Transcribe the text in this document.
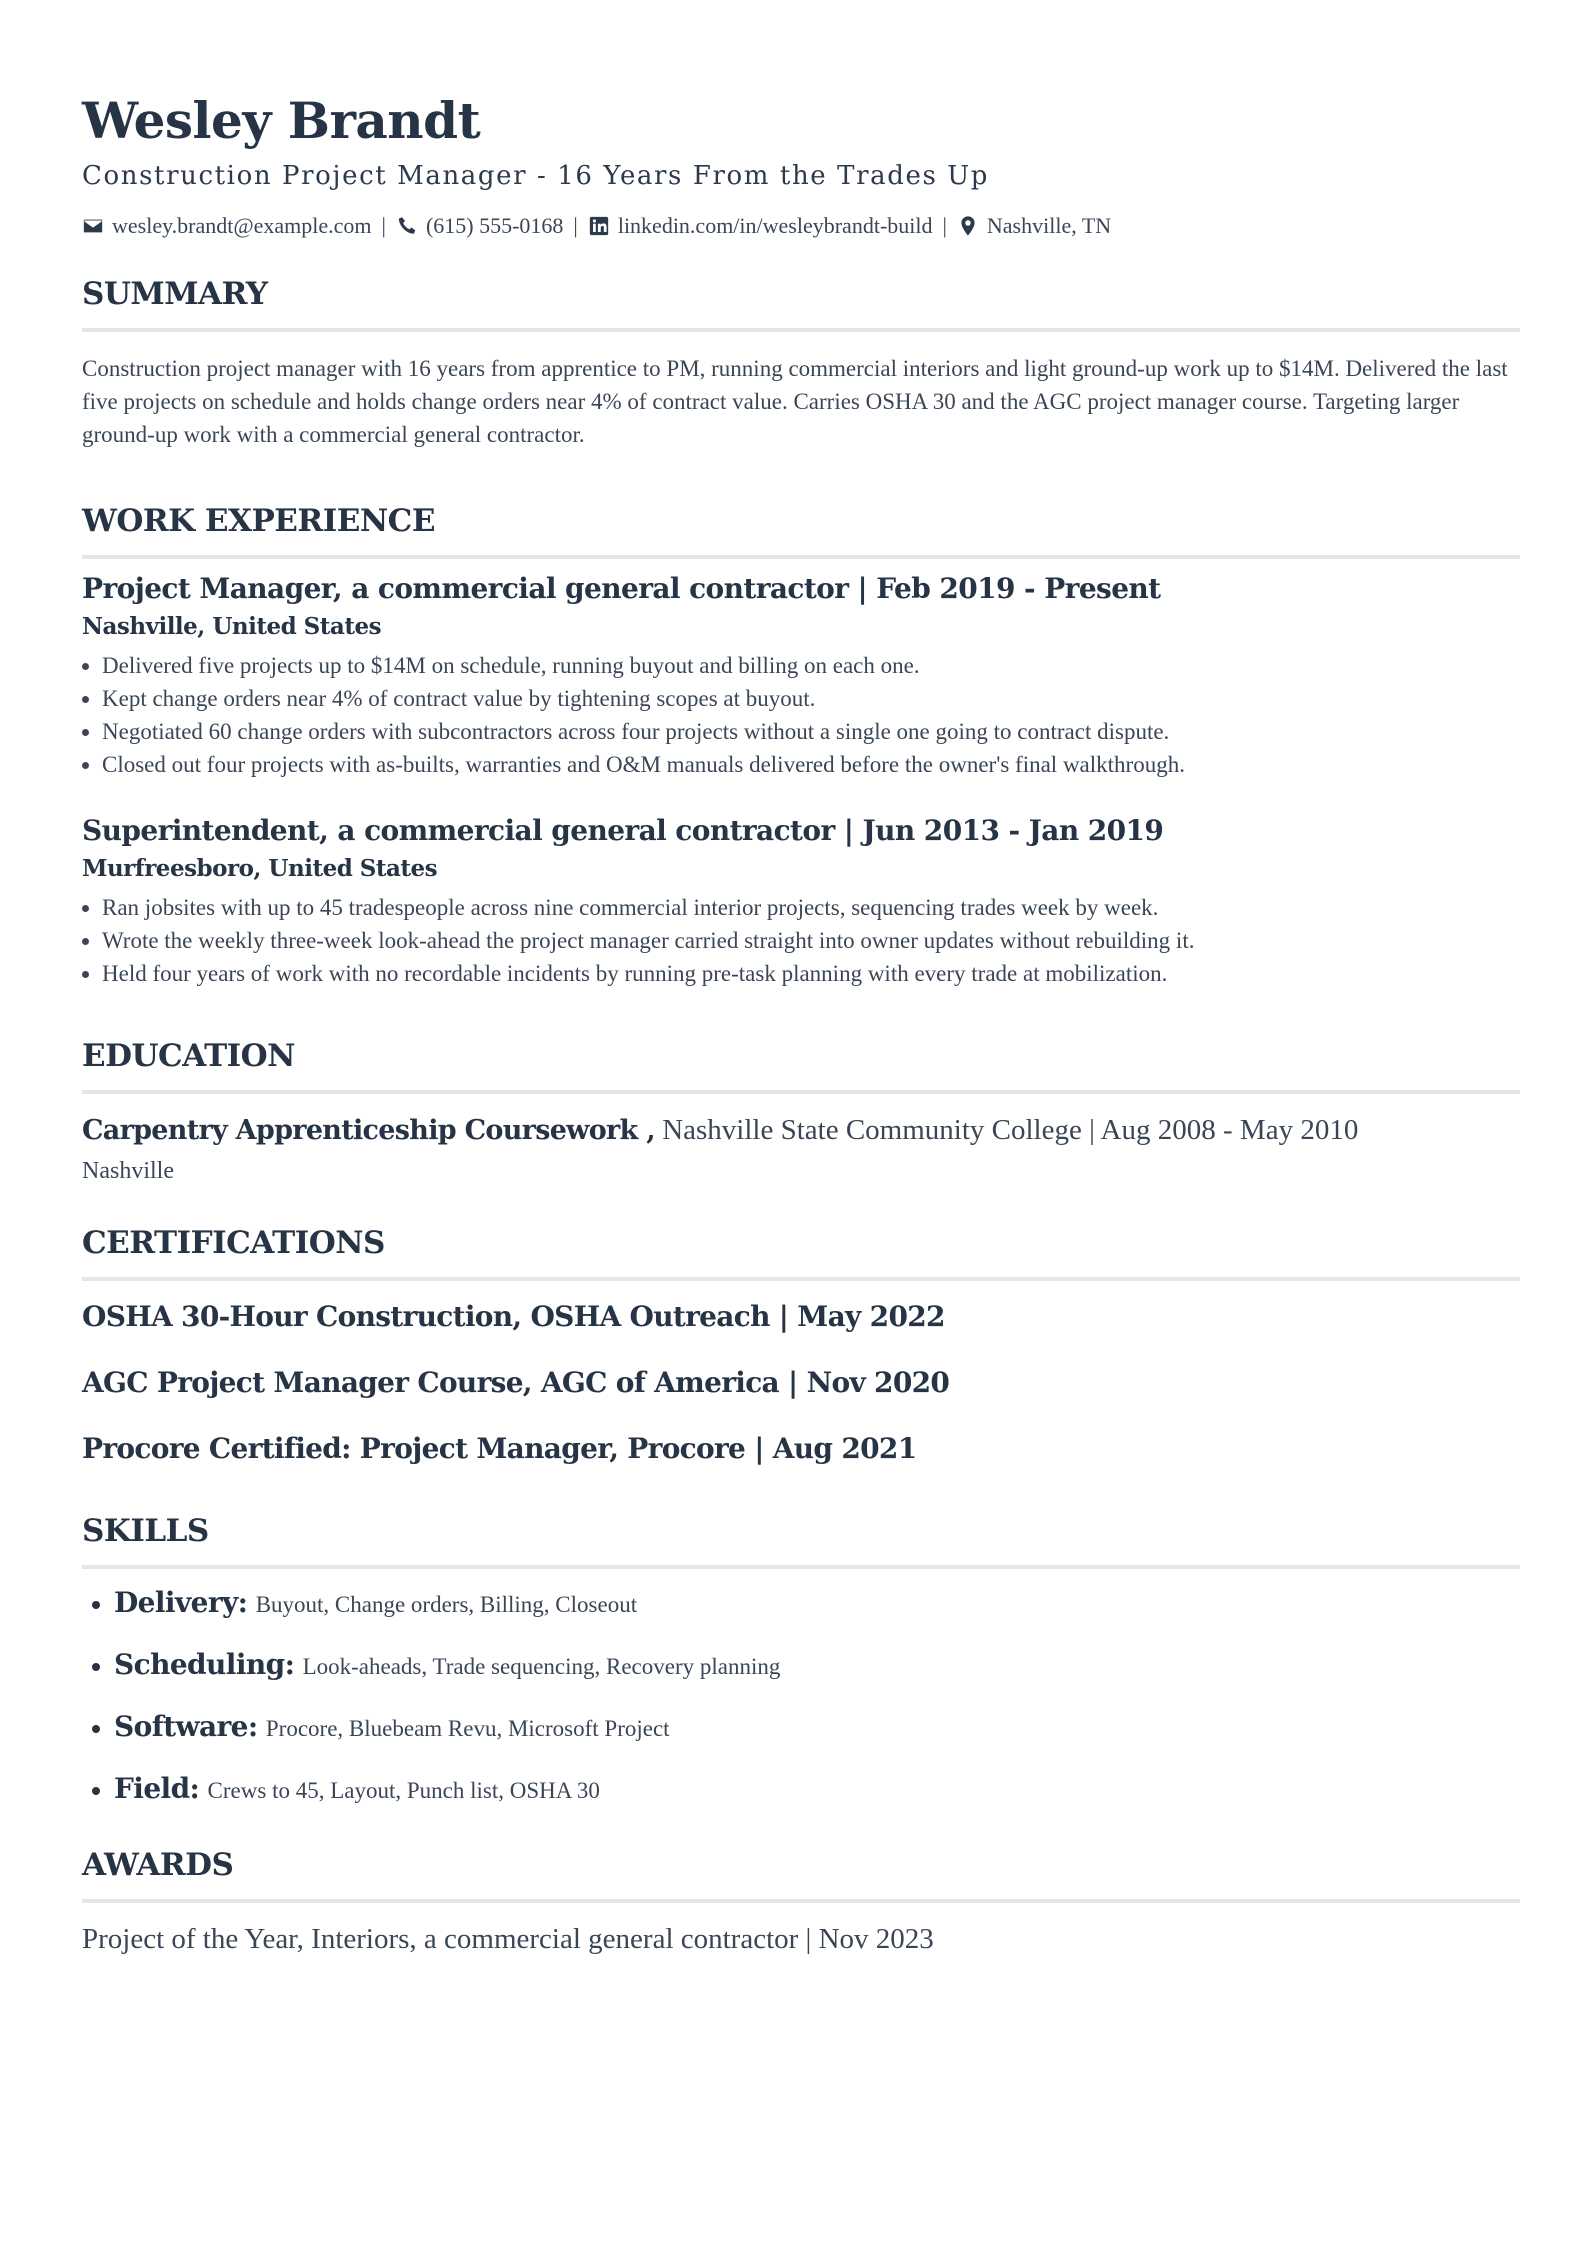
Wesley Brandt
Construction Project Manager - 16 Years From the Trades Up
wesley.brandt@example.com | (615) 555-0168 | linkedin.com/in/wesleybrandt-build | Nashville, TN
SUMMARY

Construction project manager with 16 years from apprentice to PM, running commercial interiors and light ground-up work up to $14M. Delivered the last five projects on schedule and holds change orders near 4% of contract value. Carries OSHA 30 and the AGC project manager course. Targeting larger ground-up work with a commercial general contractor.

WORK EXPERIENCE
Project Manager, a commercial general contractor | Feb 2019 - Present
Nashville, United States
• Delivered five projects up to $14M on schedule, running buyout and billing on each one.
• Kept change orders near 4% of contract value by tightening scopes at buyout.
• Negotiated 60 change orders with subcontractors across four projects without a single one going to contract dispute.
• Closed out four projects with as-builts, warranties and O&M manuals delivered before the owner's final walkthrough.
Superintendent, a commercial general contractor | Jun 2013 - Jan 2019
Murfreesboro, United States
• Ran jobsites with up to 45 tradespeople across nine commercial interior projects, sequencing trades week by week.
• Wrote the weekly three-week look-ahead the project manager carried straight into owner updates without rebuilding it.
• Held four years of work with no recordable incidents by running pre-task planning with every trade at mobilization.
EDUCATION

Carpentry Apprenticeship Coursework , Nashville State Community College | Aug 2008 - May 2010

Nashville

CERTIFICATIONS

OSHA 30-Hour Construction, OSHA Outreach | May 2022

AGC Project Manager Course, AGC of America | Nov 2020

Procore Certified: Project Manager, Procore | Aug 2021

SKILLS
• Delivery: Buyout, Change orders, Billing, Closeout
• Scheduling: Look-aheads, Trade sequencing, Recovery planning
• Software: Procore, Bluebeam Revu, Microsoft Project
• Field: Crews to 45, Layout, Punch list, OSHA 30
AWARDS

Project of the Year, Interiors, a commercial general contractor | Nov 2023
